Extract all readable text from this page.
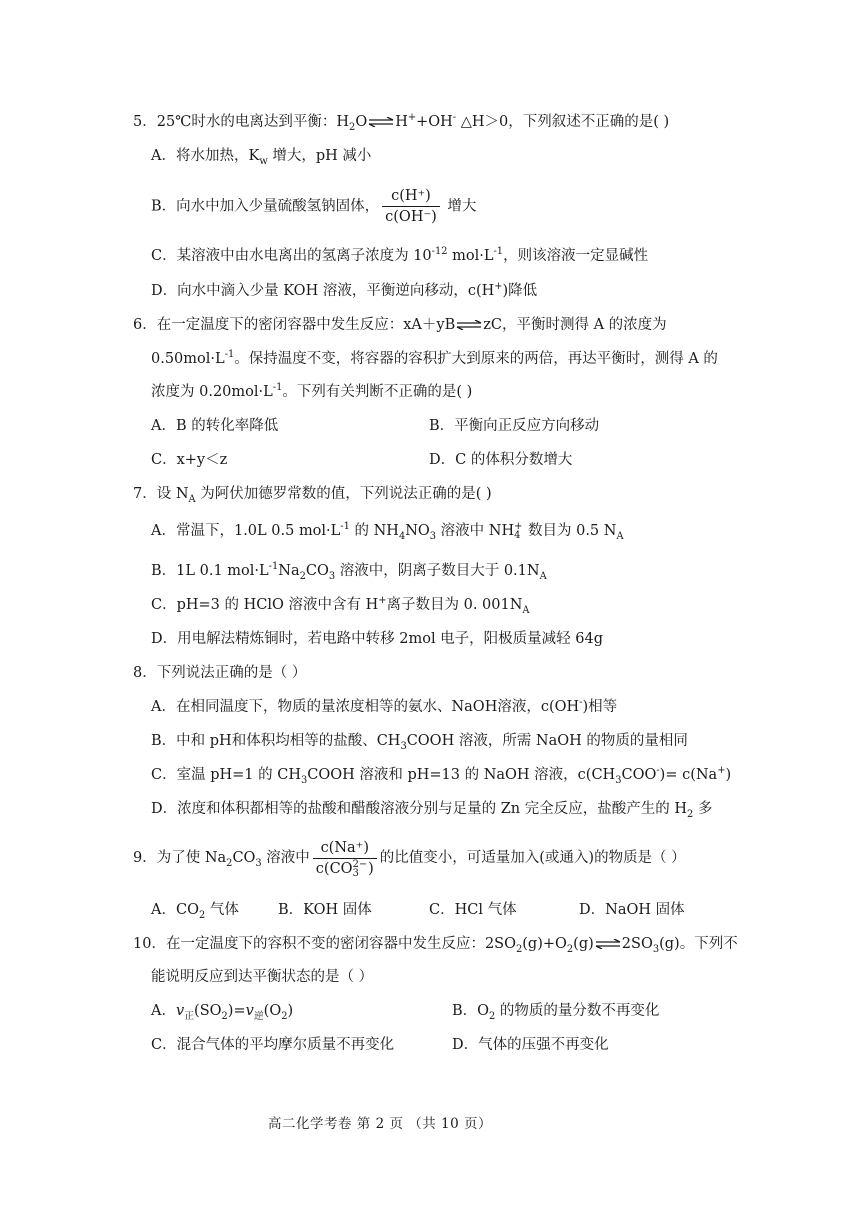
5．25℃时水的电离达到平衡：$H_2O\rightleftharpoons H^++OH^-$ △H＞0，下列叙述不正确的是( )
A．将水加热，$K_w$ 增大，pH 减小
B．向水中加入少量硫酸氢钠固体， $\frac{c(H^+)}{c(OH^-)}$ 增大
C．某溶液中由水电离出的氢离子浓度为 $10^{-12}$ $mol\cdot L^{-1}$，则该溶液一定显碱性
D．向水中滴入少量 KOH 溶液，平衡逆向移动，c(H+)降低
6．在一定温度下的密闭容器中发生反应：xA＋yB⇌zC，平衡时测得 A 的浓度为
$0.50mol\cdot L^{-1}$。保持温度不变，将容器的容积扩大到原来的两倍，再达平衡时，测得 A 的
浓度为 $0.20mol\cdot L^{-1}$。下列有关判断不正确的是( )
A．B 的转化率降低	B．平衡向正反应方向移动
C．x+y＜z	D．C 的体积分数增大
7．设 $N_A$ 为阿伏加德罗常数的值，下列说法正确的是( )
A．常温下，1.0L 0.5 $mol\cdot L^{-1}$ 的 $NH_4NO_3$ 溶液中 NH +
4 数目为 0.5 $N_A$
B．1L 0.1 $mol\cdot L^{-1}Na_2CO_3$ 溶液中，阴离子数目大于 $0.1N_A$
C．pH=3 的 HClO 溶液中含有 H+离子数目为 0. $001N_A$
D．用电解法精炼铜时，若电路中转移 2mol 电子，阳极质量减轻 64g
8．下列说法正确的是（ ）
A．在相同温度下，物质的量浓度相等的氨水、NaOH溶液，c(OH-)相等
B．中和 pH和体积均相等的盐酸、$CH_3COOH$ 溶液，所需 NaOH 的物质的量相同
C．室温 pH=1 的 $CH_3COOH$ 溶液和 pH=13 的 NaOH 溶液，$c(CH_3COO^-)= c(Na^+)$
D．浓度和体积都相等的盐酸和醋酸溶液分别与足量的 Zn 完全反应，盐酸产生的 $H_2$ 多
9．为了使 $Na_2CO_3$ 溶液中 c(Na⁺)
c(CO 2−
3 ) 的比值变小，可适量加入(或通入)的物质是（ ）
A．$CO_2$ 气体	B．KOH 固体	C．HCl 气体	D．NaOH 固体
10．在一定温度下的容积不变的密闭容器中发生反应：$2SO_2(g)+O_2(g)\rightleftharpoons 2SO_3(g)$。下列不
能说明反应到达平衡状态的是（ ）
A．$v_正(SO_2)=v_逆(O_2)$	B．$O_2$ 的物质的量分数不再变化
C．混合气体的平均摩尔质量不再变化	D．气体的压强不再变化
高二化学考卷 第 2 页 （共 10 页）
